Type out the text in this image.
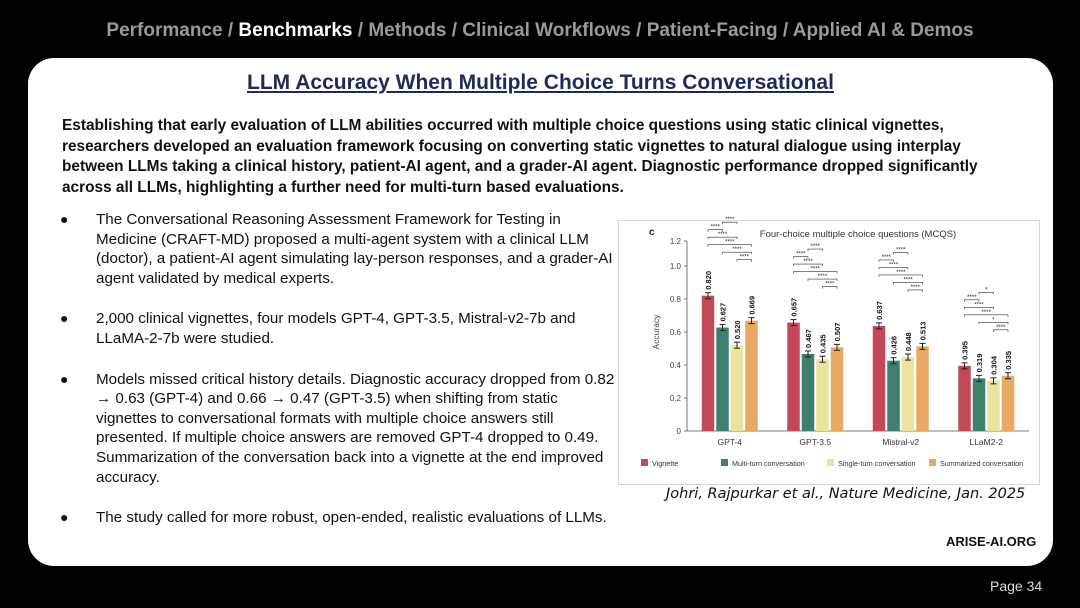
Performance / Benchmarks / Methods / Clinical Workflows / Patient-Facing / Applied AI & Demos
LLM Accuracy When Multiple Choice Turns Conversational
Establishing that early evaluation of LLM abilities occurred with multiple choice questions using static clinical vignettes, researchers developed an evaluation framework focusing on converting static vignettes to natural dialogue using interplay between LLMs taking a clinical history, patient-AI agent, and a grader-AI agent. Diagnostic performance dropped significantly across all LLMs, highlighting a further need for multi-turn based evaluations.
● The Conversational Reasoning Assessment Framework for Testing in Medicine (CRAFT-MD) proposed a multi-agent system with a clinical LLM (doctor), a patient-AI agent simulating lay-person responses, and a grader-AI agent validated by medical experts.
● 2,000 clinical vignettes, four models GPT-4, GPT-3.5, Mistral-v2-7b and LLaMA-2-7b were studied.
● Models missed critical history details. Diagnostic accuracy dropped from 0.82 → 0.63 (GPT-4) and 0.66 → 0.47 (GPT-3.5) when shifting from static vignettes to conversational formats with multiple choice answers still presented. If multiple choice answers are removed GPT-4 dropped to 0.49. Summarization of the conversation back into a vignette at the end improved accuracy.
● The study called for more robust, open-ended, realistic evaluations of LLMs.
c	Four-choice multiple choice questions (MCQS)
0
0.2
0.4
0.6
0.8
1.0
1.2
Accuracy
0.820
0.627
0.520
0.669
****
****
****
****
****
****
GPT-4
0.657
0.467 0.435
0.507
****
****
****
****
****
****
GPT-3.5
0.637
0.426 0.448
0.513
****
****
****
****
****
****
Mistral-v2
0.395
0.319 0.304 0.335
****
****
****
*
*
****
LLaM2-2
Vignette	Multi-turn conversation	Single-turn conversation	Summarized conversation
Johri, Rajpurkar et al., Nature Medicine, Jan. 2025
ARISE-AI.ORG
Page 34
